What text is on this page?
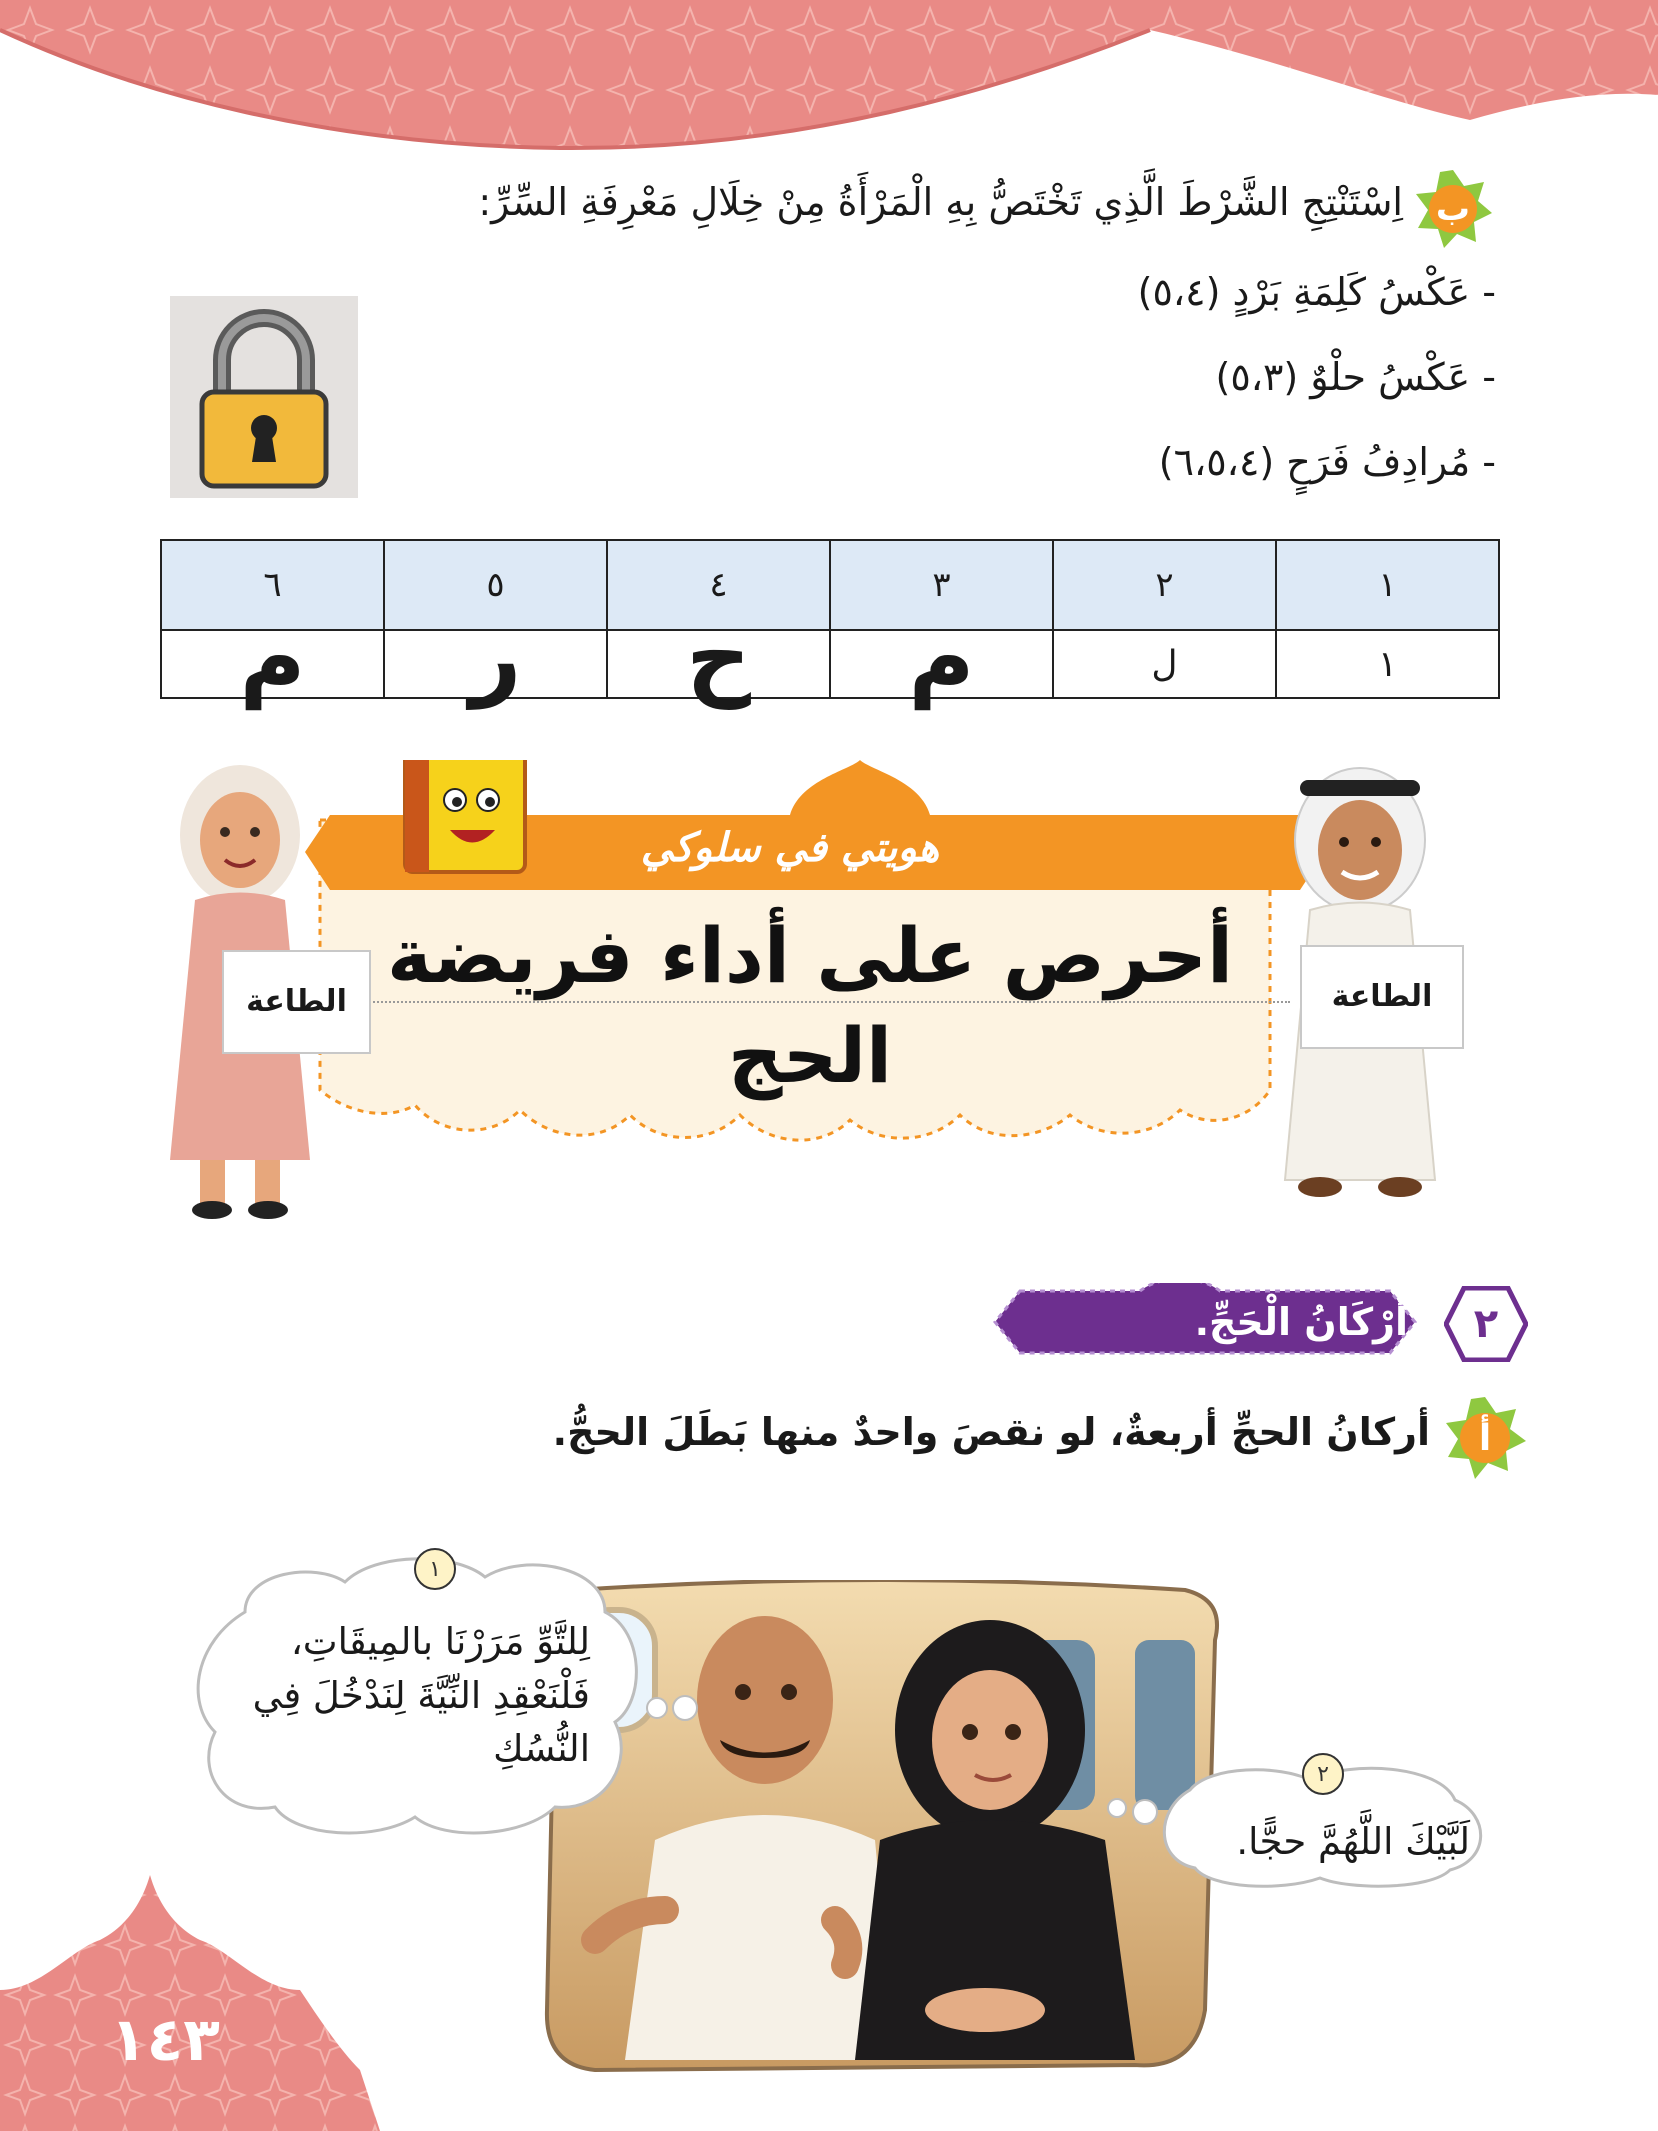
ب
اِسْتَنْتِجِ الشَّرْطَ الَّذِي تَخْتَصُّ بِهِ الْمَرْأَةُ مِنْ خِلَالِ مَعْرِفَةِ السِّرِّ:
- عَكْسُ كَلِمَةِ بَرْدٍ (٥،٤)
- عَكْسُ حلْوٌ (٥،٣)
- مُرادِفُ فَرَحٍ (٦،٥،٤)
١	٢	٣	٤	٥	٦
١	ل	م	ح	ر	م
هويتي في سلوكي
أحرص على أداء فريضة
الحج
الطاعة	الطاعة
٢
أَرْكَانُ الْحَجِّ.
أ
أركانُ الحجِّ أربعةٌ، لو نقصَ واحدٌ منها بَطَلَ الحجُّ.
١
لِلتَّوِّ مَرَرْنَا بالمِيقَاتِ،
فَلْنَعْقِدِ النِّيَّةَ لِنَدْخُلَ فِي
النُّسُكِ
٢
لَبَّيْكَ اللَّهُمَّ حجًّا.
١٤٣
